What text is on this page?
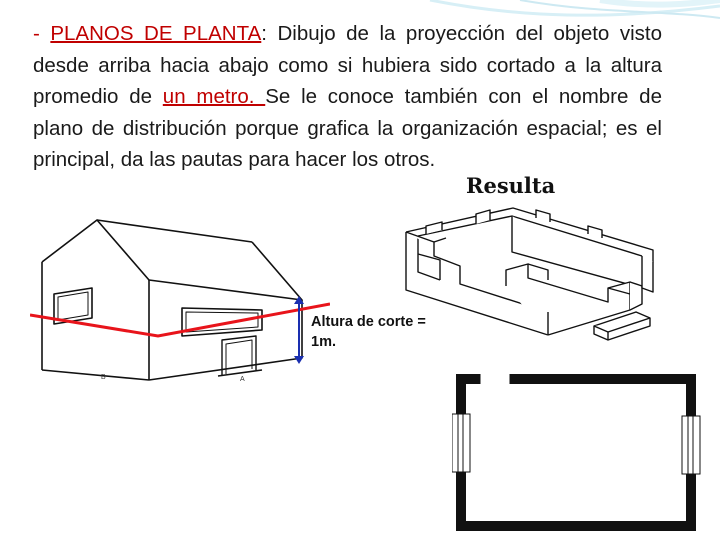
- PLANOS DE PLANTA: Dibujo de la proyección del objeto visto desde arriba hacia abajo como si hubiera sido cortado a la altura promedio de un metro. Se le conoce también con el nombre de plano de distribución porque grafica la organización espacial; es el principal, da las pautas para hacer los otros.
Resulta
B	A
Altura de corte = 1m.
